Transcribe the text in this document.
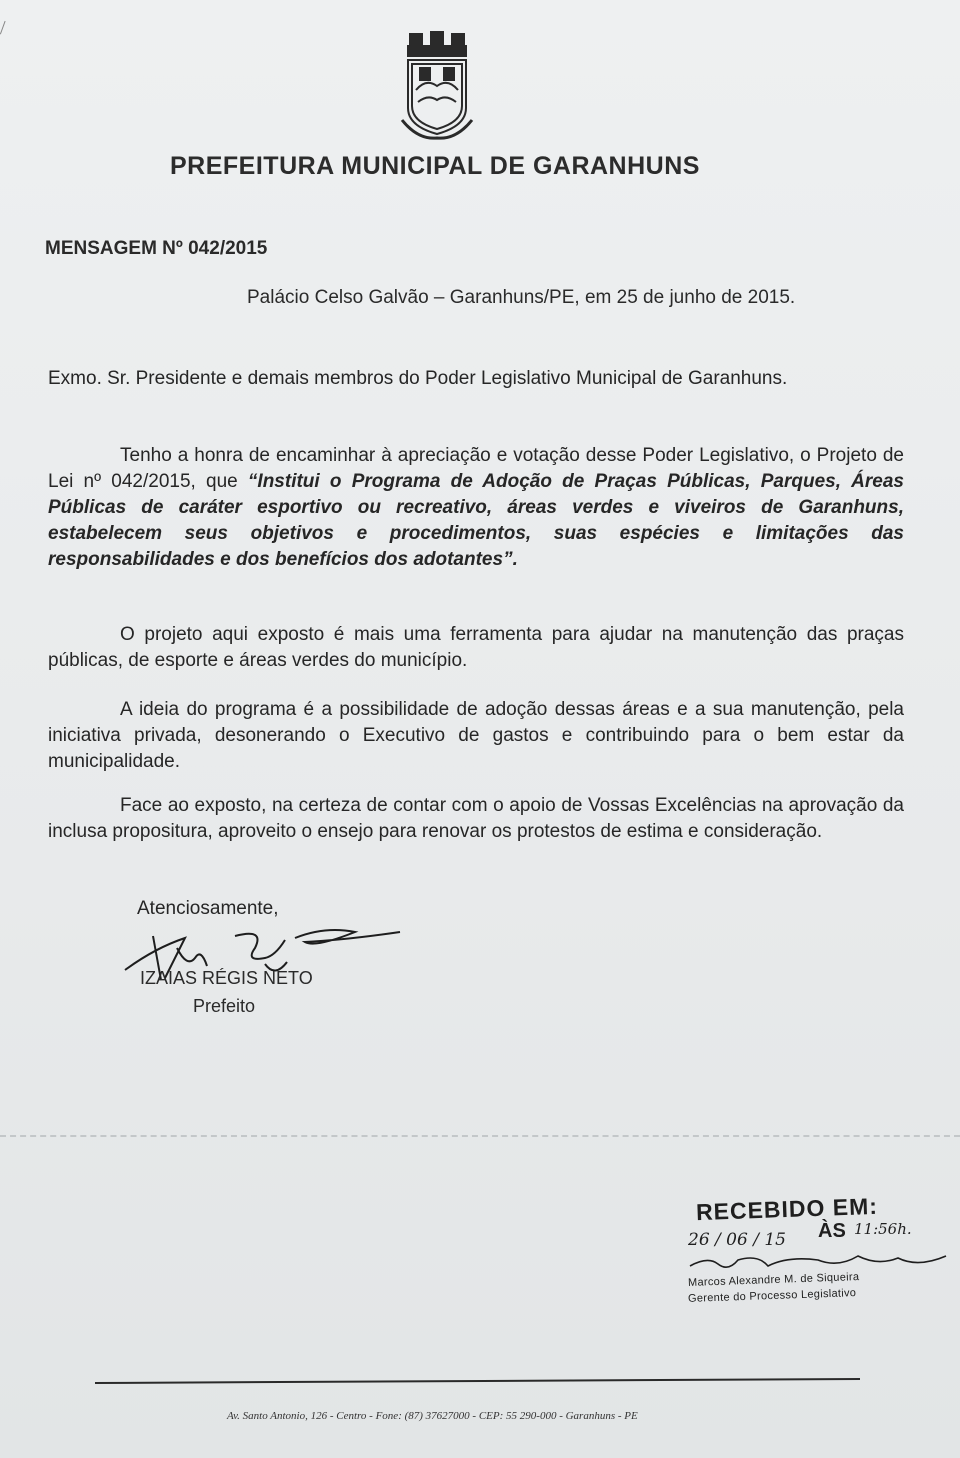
PREFEITURA MUNICIPAL DE GARANHUNS
MENSAGEM Nº 042/2015
Palácio Celso Galvão – Garanhuns/PE, em 25 de junho de 2015.
Exmo. Sr. Presidente e demais membros do Poder Legislativo Municipal de Garanhuns.
Tenho a honra de encaminhar à apreciação e votação desse Poder Legislativo, o Projeto de Lei nº 042/2015, que “Institui o Programa de Adoção de Praças Públicas, Parques, Áreas Públicas de caráter esportivo ou recreativo, áreas verdes e viveiros de Garanhuns, estabelecem seus objetivos e procedimentos, suas espécies e limitações das responsabilidades e dos benefícios dos adotantes”.
O projeto aqui exposto é mais uma ferramenta para ajudar na manutenção das praças públicas, de esporte e áreas verdes do município.
A ideia do programa é a possibilidade de adoção dessas áreas e a sua manutenção, pela iniciativa privada, desonerando o Executivo de gastos e contribuindo para o bem estar da municipalidade.
Face ao exposto, na certeza de contar com o apoio de Vossas Excelências na aprovação da inclusa propositura, aproveito o ensejo para renovar os protestos de estima e consideração.
Atenciosamente,
IZAIAS RÉGIS NETO
Prefeito
RECEBIDO EM:
26 / 06 / 15 ÀS 11:56h.
Marcos Alexandre M. de Siqueira
Gerente do Processo Legislativo
Av. Santo Antonio, 126 - Centro - Fone: (87) 37627000 - CEP: 55 290-000 - Garanhuns - PE
